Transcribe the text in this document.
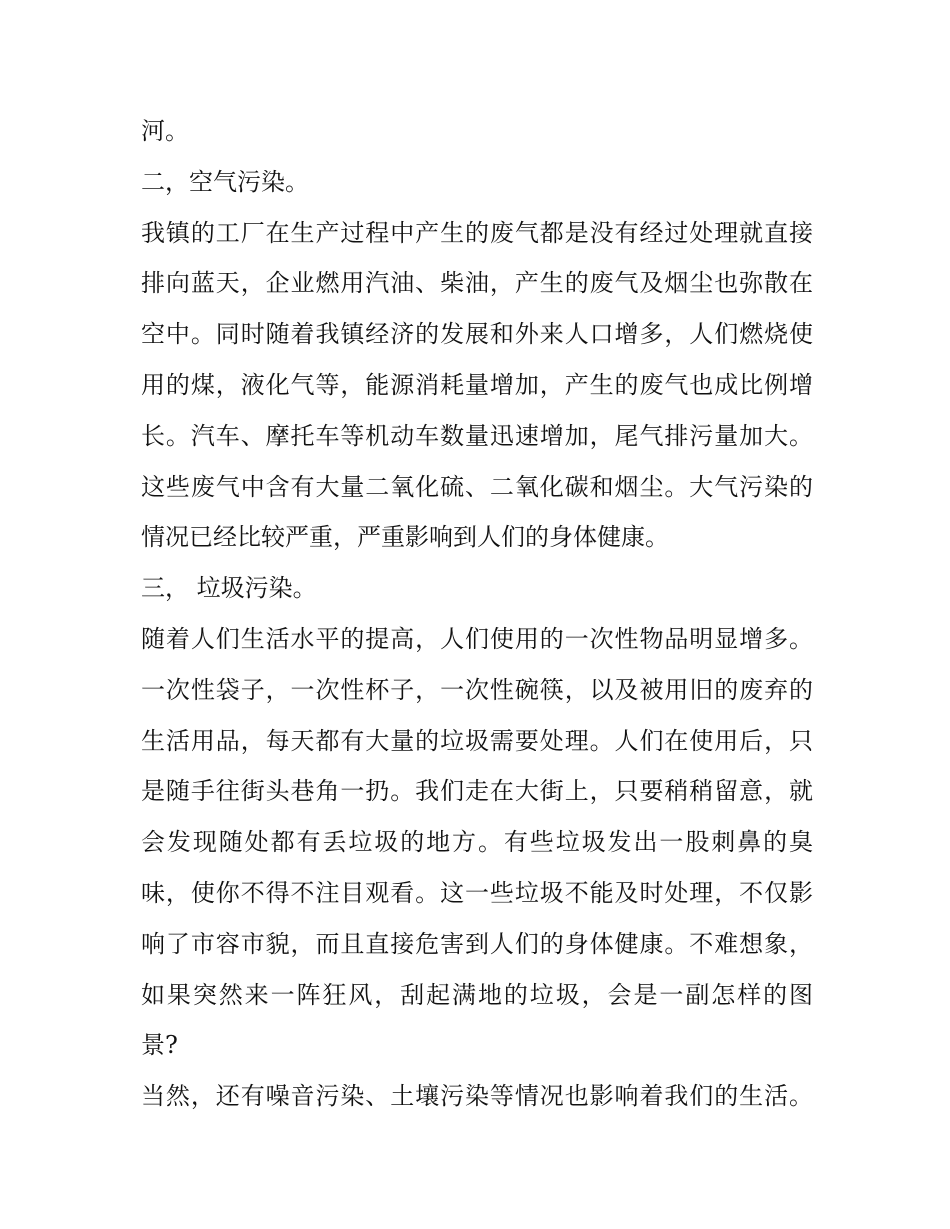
河。
二，空气污染。
我镇的工厂在生产过程中产生的废气都是没有经过处理就直接
排向蓝天，企业燃用汽油、柴油，产生的废气及烟尘也弥散在
空中。同时随着我镇经济的发展和外来人口增多，人们燃烧使
用的煤，液化气等，能源消耗量增加，产生的废气也成比例增
长。汽车、摩托车等机动车数量迅速增加，尾气排污量加大。
这些废气中含有大量二氧化硫、二氧化碳和烟尘。大气污染的
情况已经比较严重，严重影响到人们的身体健康。
三， 垃圾污染。
随着人们生活水平的提高，人们使用的一次性物品明显增多。
一次性袋子，一次性杯子，一次性碗筷，以及被用旧的废弃的
生活用品，每天都有大量的垃圾需要处理。人们在使用后，只
是随手往街头巷角一扔。我们走在大街上，只要稍稍留意，就
会发现随处都有丢垃圾的地方。有些垃圾发出一股刺鼻的臭
味，使你不得不注目观看。这一些垃圾不能及时处理，不仅影
响了市容市貌，而且直接危害到人们的身体健康。不难想象，
如果突然来一阵狂风，刮起满地的垃圾，会是一副怎样的图
景?
当然，还有噪音污染、土壤污染等情况也影响着我们的生活。
